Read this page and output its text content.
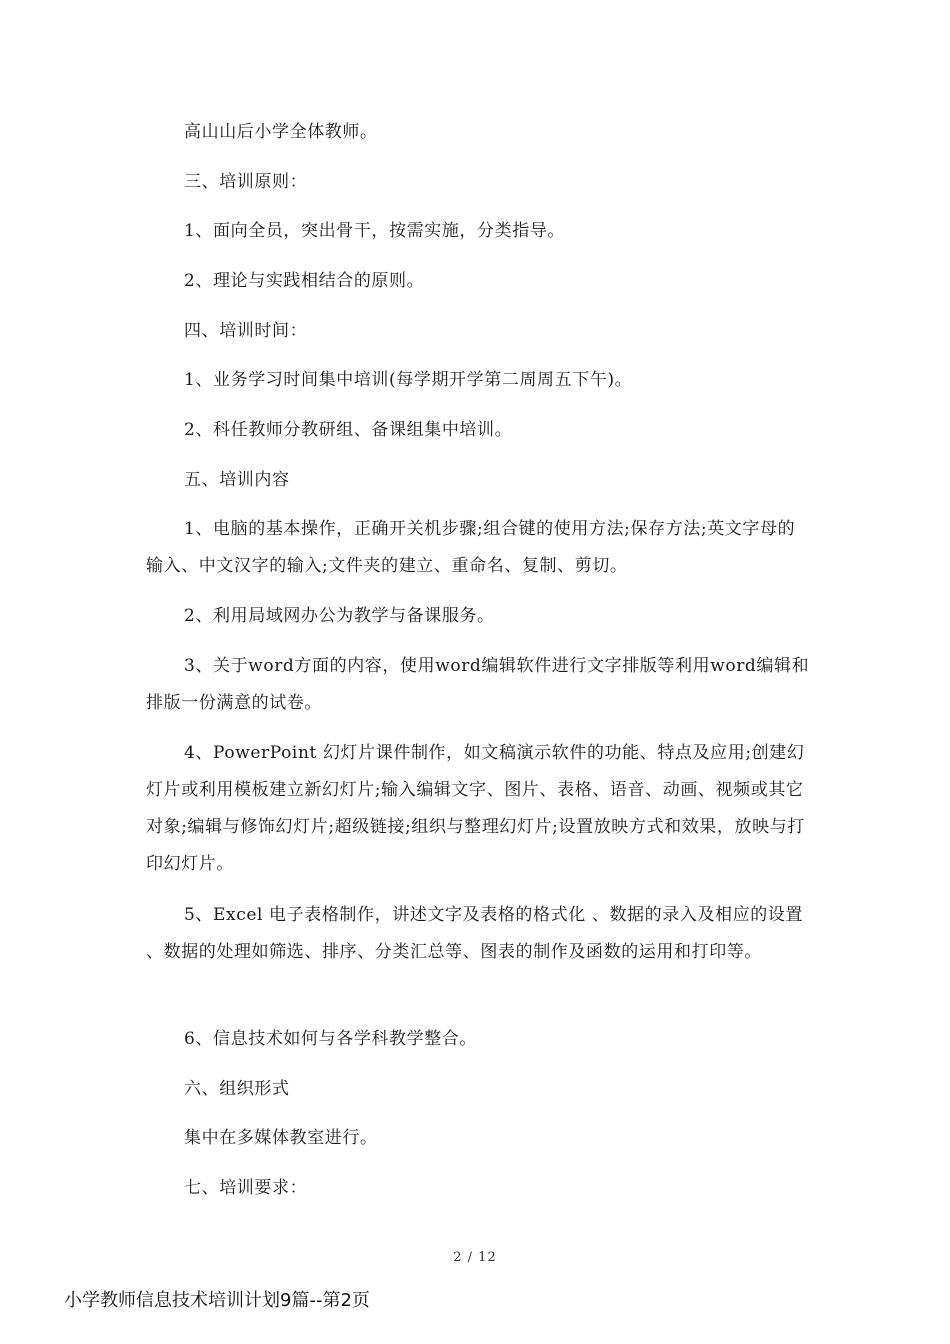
高山山后小学全体教师。

三、培训原则：

1、面向全员，突出骨干，按需实施，分类指导。

2、理论与实践相结合的原则。

四、培训时间：

1、业务学习时间集中培训(每学期开学第二周周五下午)。

2、科任教师分教研组、备课组集中培训。

五、培训内容

1、电脑的基本操作，正确开关机步骤;组合键的使用方法;保存方法;英文字母的输入、中文汉字的输入;文件夹的建立、重命名、复制、剪切。

2、利用局域网办公为教学与备课服务。

3、关于word方面的内容，使用word编辑软件进行文字排版等利用word编辑和排版一份满意的试卷。

4、PowerPoint 幻灯片课件制作，如文稿演示软件的功能、特点及应用;创建幻灯片或利用模板建立新幻灯片;输入编辑文字、图片、表格、语音、动画、视频或其它对象;编辑与修饰幻灯片;超级链接;组织与整理幻灯片;设置放映方式和效果，放映与打印幻灯片。

5、Excel 电子表格制作，讲述文字及表格的格式化 、数据的录入及相应的设置 、数据的处理如筛选、排序、分类汇总等、图表的制作及函数的运用和打印等。

6、信息技术如何与各学科教学整合。

六、组织形式

集中在多媒体教室进行。

七、培训要求：

2 / 12
小学教师信息技术培训计划9篇--第2页
